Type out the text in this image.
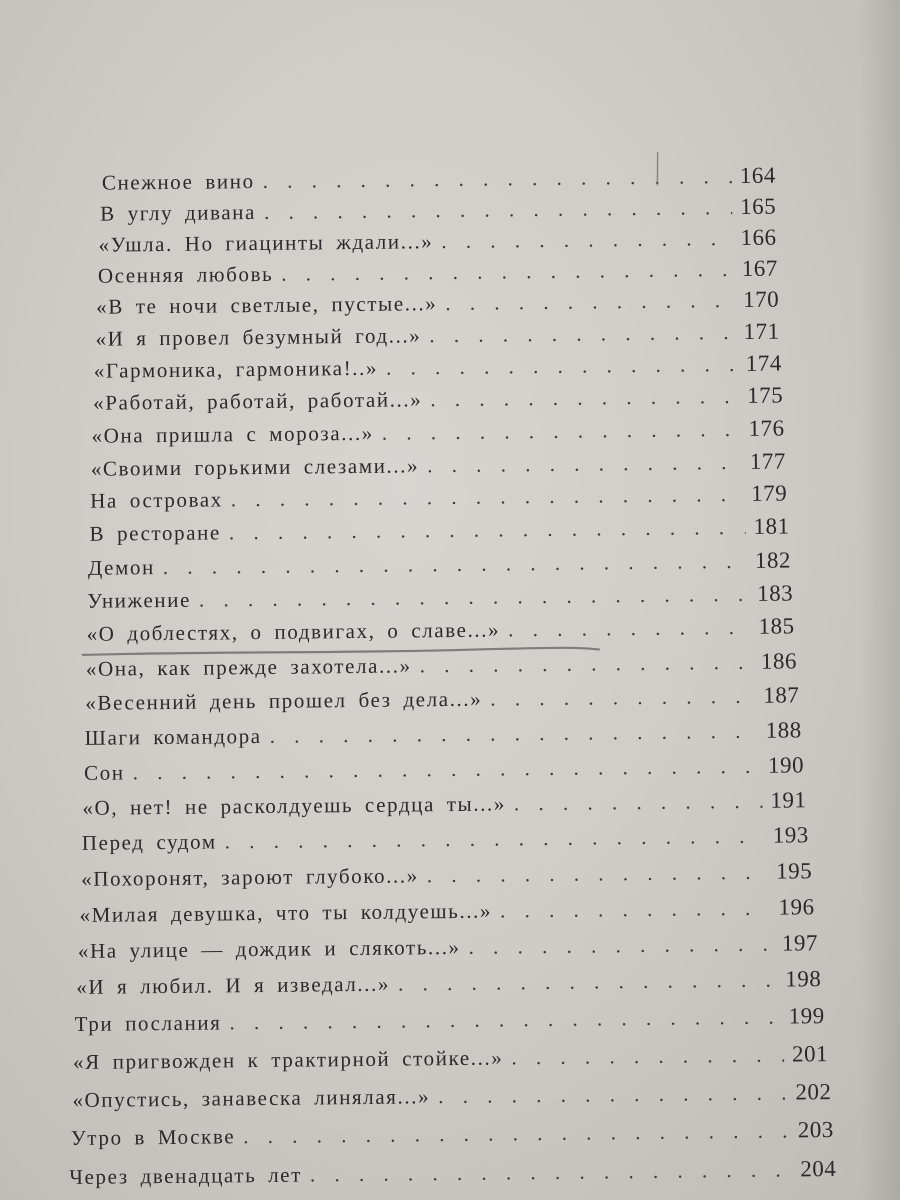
Снежное вино . . .	164
В углу дивана . . .	165
«Ушла. Но гиацинты ждали...» . . .	166
Осенняя любовь . . .	167
«В те ночи светлые, пустые...» . . .	170
«И я провел безумный год...» . . .	171
«Гармоника, гармоника!..» . . .	174
«Работай, работай, работай...» . . .	175
«Она пришла с мороза...» . . .	176
«Своими горькими слезами...» . . .	177
На островах . . .	179
В ресторане . . .	181
Демон . . .	182
Унижение . . .	183
«О доблестях, о подвигах, о славе...» . . .	185
«Она, как прежде захотела...» . . .	186
«Весенний день прошел без дела...» . . .	187
Шаги командора . . .	188
Сон . . .	190
«О, нет! не расколдуешь сердца ты...» . . .	191
Перед судом . . .	193
«Похоронят, зароют глубоко...» . . .	195
«Милая девушка, что ты колдуешь...» . . .	196
«На улице — дождик и слякоть...» . . .	197
«И я любил. И я изведал...» . . .	198
Три послания . . .	199
«Я пригвожден к трактирной стойке...» . . .	201
«Опустись, занавеска линялая...» . . .	202
Утро в Москве . . .	203
Через двенадцать лет . . .	204
